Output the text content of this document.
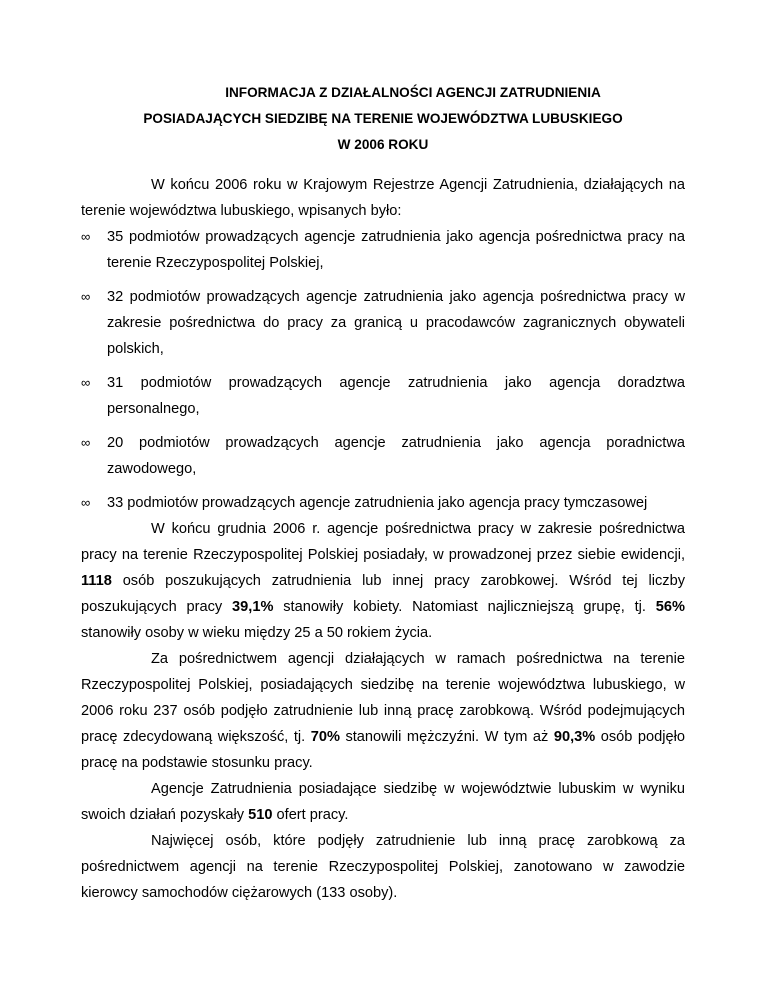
INFORMACJA Z DZIAŁALNOŚCI AGENCJI ZATRUDNIENIA
POSIADAJĄCYCH SIEDZIBĘ NA TERENIE WOJEWÓDZTWA LUBUSKIEGO
W 2006 ROKU

W końcu 2006 roku w Krajowym Rejestrze Agencji Zatrudnienia, działających na terenie województwa lubuskiego, wpisanych było:

∞ 35 podmiotów prowadzących agencje zatrudnienia jako agencja pośrednictwa pracy na terenie Rzeczypospolitej Polskiej,
∞ 32 podmiotów prowadzących agencje zatrudnienia jako agencja pośrednictwa pracy w zakresie pośrednictwa do pracy za granicą u pracodawców zagranicznych obywateli polskich,
∞ 31 podmiotów prowadzących agencje zatrudnienia jako agencja doradztwa personalnego,
∞ 20 podmiotów prowadzących agencje zatrudnienia jako agencja poradnictwa zawodowego,
∞ 33 podmiotów prowadzących agencje zatrudnienia jako agencja pracy tymczasowej

W końcu grudnia 2006 r. agencje pośrednictwa pracy w zakresie pośrednictwa pracy na terenie Rzeczypospolitej Polskiej posiadały, w prowadzonej przez siebie ewidencji, 1118 osób poszukujących zatrudnienia lub innej pracy zarobkowej. Wśród tej liczby poszukujących pracy 39,1% stanowiły kobiety. Natomiast najliczniejszą grupę, tj. 56% stanowiły osoby w wieku między 25 a 50 rokiem życia.

Za pośrednictwem agencji działających w ramach pośrednictwa na terenie Rzeczypospolitej Polskiej, posiadających siedzibę na terenie województwa lubuskiego, w 2006 roku 237 osób podjęło zatrudnienie lub inną pracę zarobkową. Wśród podejmujących pracę zdecydowaną większość, tj. 70% stanowili mężczyźni. W tym aż 90,3% osób podjęło pracę na podstawie stosunku pracy.

Agencje Zatrudnienia posiadające siedzibę w województwie lubuskim w wyniku swoich działań pozyskały 510 ofert pracy.

Najwięcej osób, które podjęły zatrudnienie lub inną pracę zarobkową za pośrednictwem agencji na terenie Rzeczypospolitej Polskiej, zanotowano w zawodzie kierowcy samochodów ciężarowych (133 osoby).
